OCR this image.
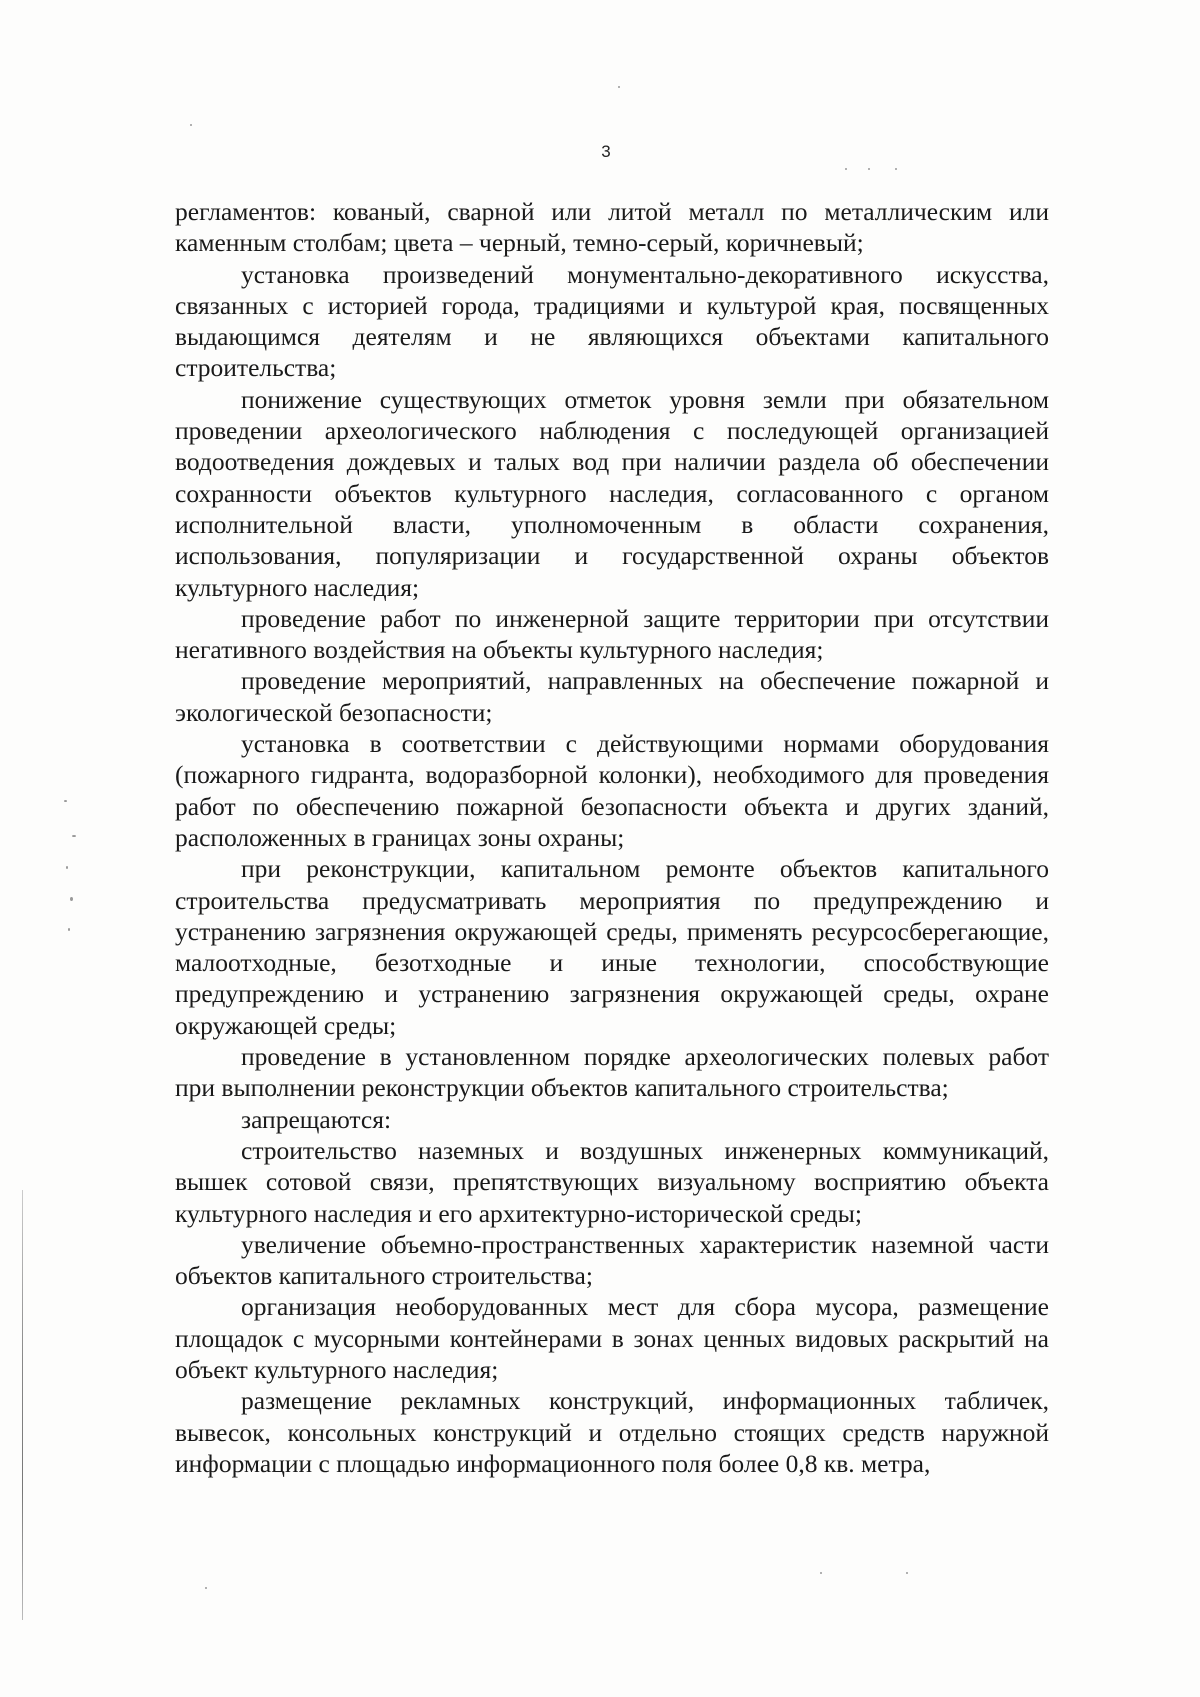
3

регламентов: кованый, сварной или литой металл по металлическим или каменным столбам; цвета – черный, темно-серый, коричневый;

установка произведений монументально-декоративного искусства, связанных с историей города, традициями и культурой края, посвященных выдающимся деятелям и не являющихся объектами капитального строительства;

понижение существующих отметок уровня земли при обязательном проведении археологического наблюдения с последующей организацией водоотведения дождевых и талых вод при наличии раздела об обеспечении сохранности объектов культурного наследия, согласованного с органом исполнительной власти, уполномоченным в области сохранения, использования, популяризации и государственной охраны объектов культурного наследия;

проведение работ по инженерной защите территории при отсутствии негативного воздействия на объекты культурного наследия;

проведение мероприятий, направленных на обеспечение пожарной и экологической безопасности;

установка в соответствии с действующими нормами оборудования (пожарного гидранта, водоразборной колонки), необходимого для проведения работ по обеспечению пожарной безопасности объекта и других зданий, расположенных в границах зоны охраны;

при реконструкции, капитальном ремонте объектов капитального строительства предусматривать мероприятия по предупреждению и устранению загрязнения окружающей среды, применять ресурсосберегающие, малоотходные, безотходные и иные технологии, способствующие предупреждению и устранению загрязнения окружающей среды, охране окружающей среды;

проведение в установленном порядке археологических полевых работ при выполнении реконструкции объектов капитального строительства;

запрещаются:

строительство наземных и воздушных инженерных коммуникаций, вышек сотовой связи, препятствующих визуальному восприятию объекта культурного наследия и его архитектурно-исторической среды;

увеличение объемно-пространственных характеристик наземной части объектов капитального строительства;

организация необорудованных мест для сбора мусора, размещение площадок с мусорными контейнерами в зонах ценных видовых раскрытий на объект культурного наследия;

размещение рекламных конструкций, информационных табличек, вывесок, консольных конструкций и отдельно стоящих средств наружной информации с площадью информационного поля более 0,8 кв. метра,
